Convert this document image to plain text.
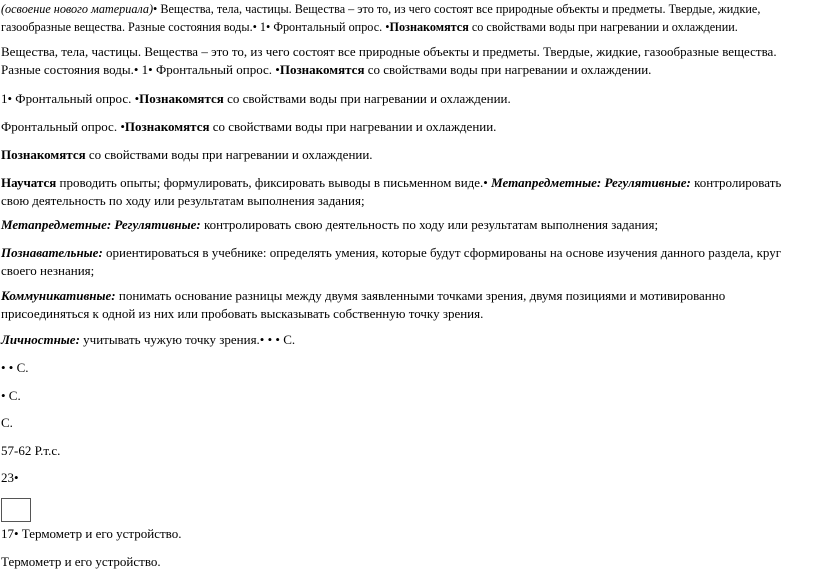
(освоение нового материала)• Вещества, тела, частицы. Вещества – это то, из чего состоят все природные объекты и предметы. Твердые, жидкие, газообразные вещества. Разные состояния воды.• 1• Фронтальный опрос. •Познакомятся со свойствами воды при нагревании и охлаждении.

Вещества, тела, частицы. Вещества – это то, из чего состоят все природные объекты и предметы. Твердые, жидкие, газообразные вещества. Разные состояния воды.• 1• Фронтальный опрос. •Познакомятся со свойствами воды при нагревании и охлаждении.

1• Фронтальный опрос. •Познакомятся со свойствами воды при нагревании и охлаждении.

Фронтальный опрос. •Познакомятся со свойствами воды при нагревании и охлаждении.

Познакомятся со свойствами воды при нагревании и охлаждении.

Научатся проводить опыты; формулировать, фиксировать выводы в письменном виде.• Метапредметные: Регулятивные: контролировать свою деятельность по ходу или результатам выполнения задания;

Метапредметные: Регулятивные: контролировать свою деятельность по ходу или результатам выполнения задания;

Познавательные: ориентироваться в учебнике: определять умения, которые будут сформированы на основе изучения данного раздела, круг своего незнания;

Коммуникативные: понимать основание разницы между двумя заявленными точками зрения, двумя позициями и мотивированно присоединяться к одной из них или пробовать высказывать собственную точку зрения.

Личностные: учитывать чужую точку зрения.• • • С.

• • С.

• С.

С.

57-62 Р.т.с.

23•

17• Термометр и его устройство.

Термометр и его устройство.
